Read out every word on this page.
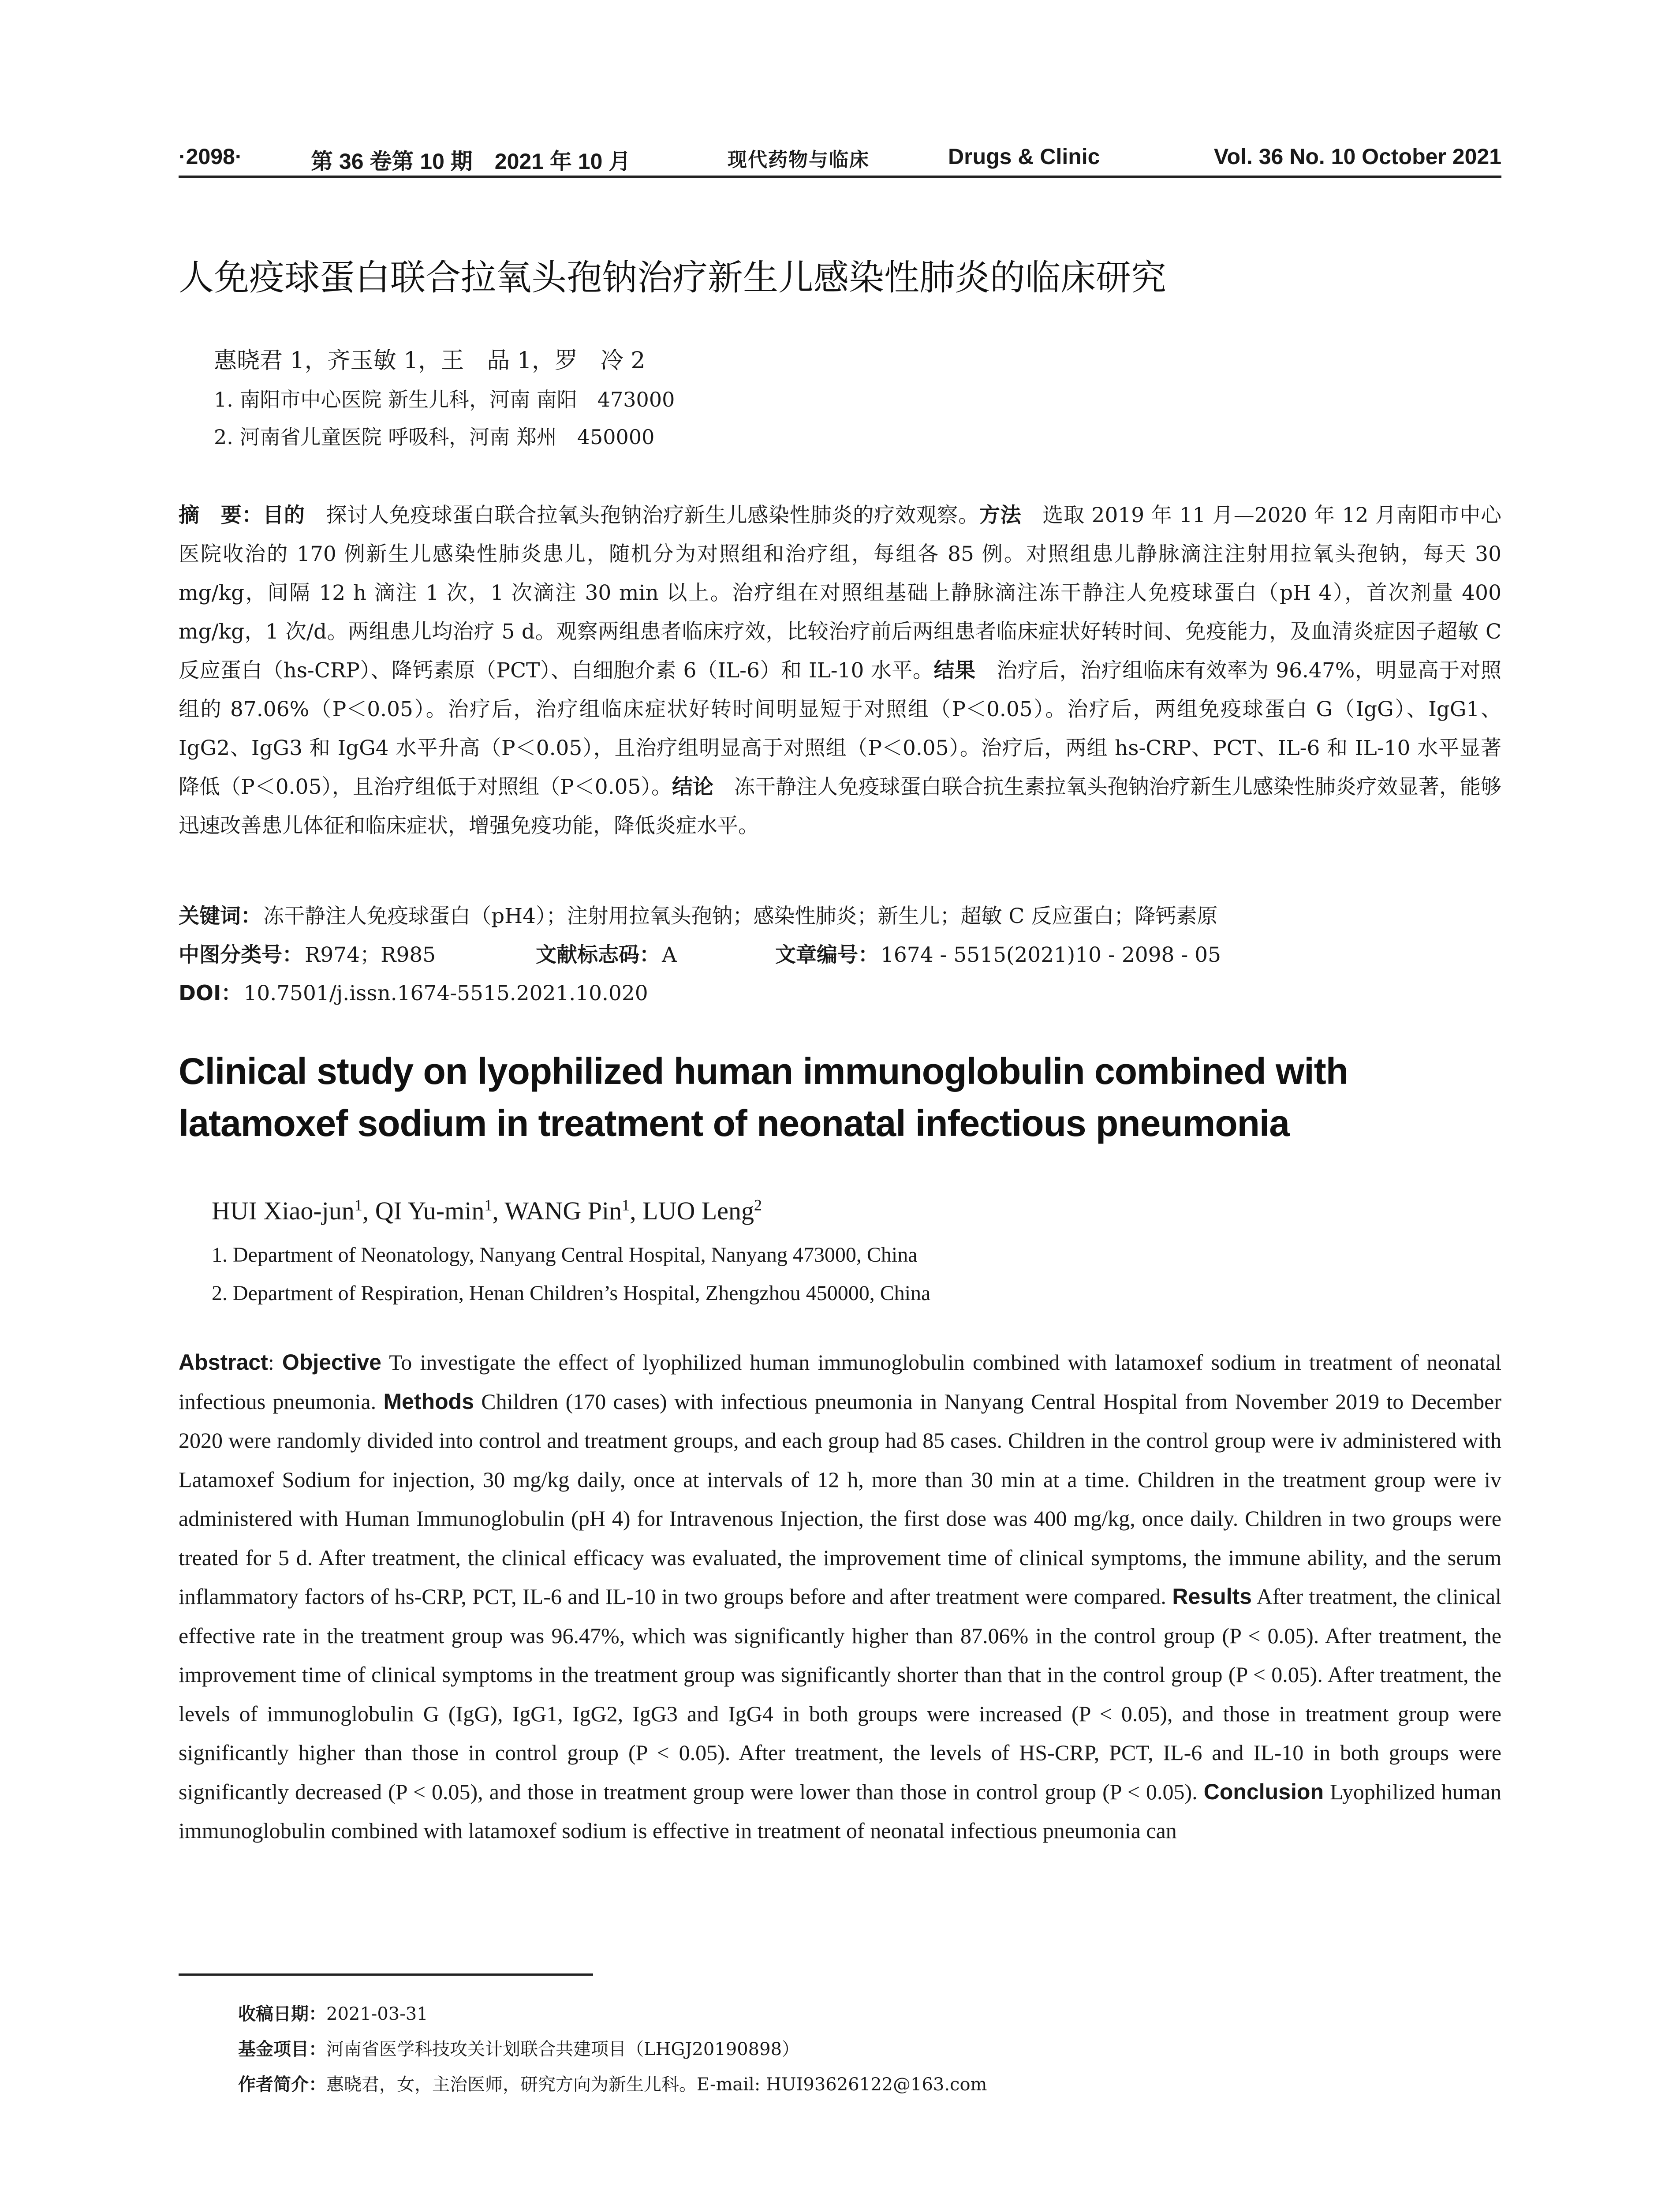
·2098·	第 36 卷第 10 期　2021 年 10 月	现代药物与临床	Drugs & Clinic	Vol. 36 No. 10 October 2021
人免疫球蛋白联合拉氧头孢钠治疗新生儿感染性肺炎的临床研究
惠晓君 1，齐玉敏 1，王　品 1，罗　冷 2
1. 南阳市中心医院 新生儿科，河南 南阳　473000
2. 河南省儿童医院 呼吸科，河南 郑州　450000
摘　要：目的　探讨人免疫球蛋白联合拉氧头孢钠治疗新生儿感染性肺炎的疗效观察。方法　选取 2019 年 11 月—2020 年 12 月南阳市中心医院收治的 170 例新生儿感染性肺炎患儿，随机分为对照组和治疗组，每组各 85 例。对照组患儿静脉滴注注射用拉氧头孢钠，每天 30 mg/kg，间隔 12 h 滴注 1 次，1 次滴注 30 min 以上。治疗组在对照组基础上静脉滴注冻干静注人免疫球蛋白（pH 4），首次剂量 400 mg/kg，1 次/d。两组患儿均治疗 5 d。观察两组患者临床疗效，比较治疗前后两组患者临床症状好转时间、免疫能力，及血清炎症因子超敏 C 反应蛋白（hs-CRP）、降钙素原（PCT）、白细胞介素 6（IL-6）和 IL-10 水平。结果　治疗后，治疗组临床有效率为 96.47%，明显高于对照组的 87.06%（P＜0.05）。治疗后，治疗组临床症状好转时间明显短于对照组（P＜0.05）。治疗后，两组免疫球蛋白 G（IgG）、IgG1、IgG2、IgG3 和 IgG4 水平升高（P＜0.05），且治疗组明显高于对照组（P＜0.05）。治疗后，两组 hs-CRP、PCT、IL-6 和 IL-10 水平显著降低（P＜0.05），且治疗组低于对照组（P＜0.05）。结论　冻干静注人免疫球蛋白联合抗生素拉氧头孢钠治疗新生儿感染性肺炎疗效显著，能够迅速改善患儿体征和临床症状，增强免疫功能，降低炎症水平。
关键词：冻干静注人免疫球蛋白（pH4）；注射用拉氧头孢钠；感染性肺炎；新生儿；超敏 C 反应蛋白；降钙素原
中图分类号：R974；R985	文献标志码：A	文章编号：1674 - 5515(2021)10 - 2098 - 05
DOI：10.7501/j.issn.1674-5515.2021.10.020
Clinical study on lyophilized human immunoglobulin combined with latamoxef sodium in treatment of neonatal infectious pneumonia
HUI Xiao-jun$^1$, QI $Yu-\min^1$, WANG Pin$^1$, LUO Leng$^2$
1. Department of Neonatology, Nanyang Central Hospital, Nanyang 473000, China
2. Department of Respiration, Henan Children’s Hospital, Zhengzhou 450000, China
Abstract: Objective To investigate the effect of lyophilized human immunoglobulin combined with latamoxef sodium in treatment of neonatal infectious pneumonia. Methods Children (170 cases) with infectious pneumonia in Nanyang Central Hospital from November 2019 to December 2020 were randomly divided into control and treatment groups, and each group had 85 cases. Children in the control group were iv administered with Latamoxef Sodium for injection, 30 mg/kg daily, once at intervals of 12 h, more than 30 min at a time. Children in the treatment group were iv administered with Human Immunoglobulin (pH 4) for Intravenous Injection, the first dose was 400 mg/kg, once daily. Children in two groups were treated for 5 d. After treatment, the clinical efficacy was evaluated, the improvement time of clinical symptoms, the immune ability, and the serum inflammatory factors of hs-CRP, PCT, IL-6 and IL-10 in two groups before and after treatment were compared. Results After treatment, the clinical effective rate in the treatment group was 96.47%, which was significantly higher than 87.06% in the control group (P < 0.05). After treatment, the improvement time of clinical symptoms in the treatment group was significantly shorter than that in the control group (P < 0.05). After treatment, the levels of immunoglobulin G (IgG), IgG1, IgG2, IgG3 and IgG4 in both groups were increased (P < 0.05), and those in treatment group were significantly higher than those in control group (P < 0.05). After treatment, the levels of HS-CRP, PCT, IL-6 and IL-10 in both groups were significantly decreased (P < 0.05), and those in treatment group were lower than those in control group (P < 0.05). Conclusion Lyophilized human immunoglobulin combined with latamoxef sodium is effective in treatment of neonatal infectious pneumonia can
收稿日期：2021-03-31
基金项目：河南省医学科技攻关计划联合共建项目（LHGJ20190898）
作者简介：惠晓君，女，主治医师，研究方向为新生儿科。E-mail: HUI93626122@163.com
